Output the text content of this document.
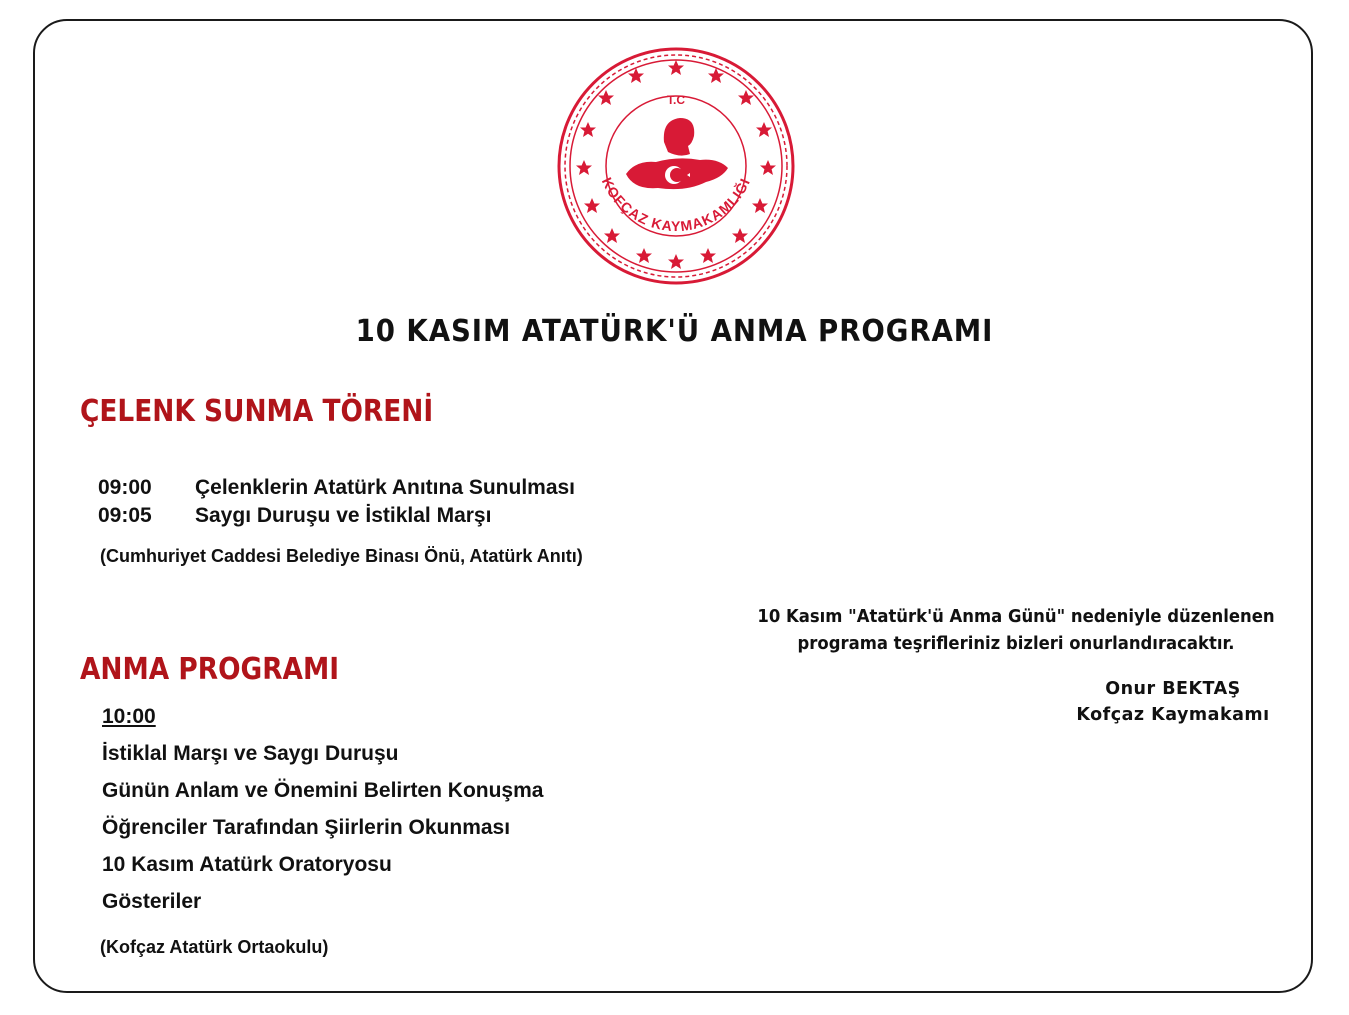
T.C
KOFÇAZ KAYMAKAMLIĞI
10 KASIM ATATÜRK'Ü ANMA PROGRAMI
ÇELENK SUNMA TÖRENİ
09:00	Çelenklerin Atatürk Anıtına Sunulması
09:05	Saygı Duruşu ve İstiklal Marşı
(Cumhuriyet Caddesi Belediye Binası Önü, Atatürk Anıtı)
10 Kasım "Atatürk'ü Anma Günü" nedeniyle düzenlenen
programa teşrifleriniz bizleri onurlandıracaktır.
ANMA PROGRAMI
Onur BEKTAŞ
Kofçaz Kaymakamı
10:00
İstiklal Marşı ve Saygı Duruşu
Günün Anlam ve Önemini Belirten Konuşma
Öğrenciler Tarafından Şiirlerin Okunması
10 Kasım Atatürk Oratoryosu
Gösteriler
(Kofçaz Atatürk Ortaokulu)
